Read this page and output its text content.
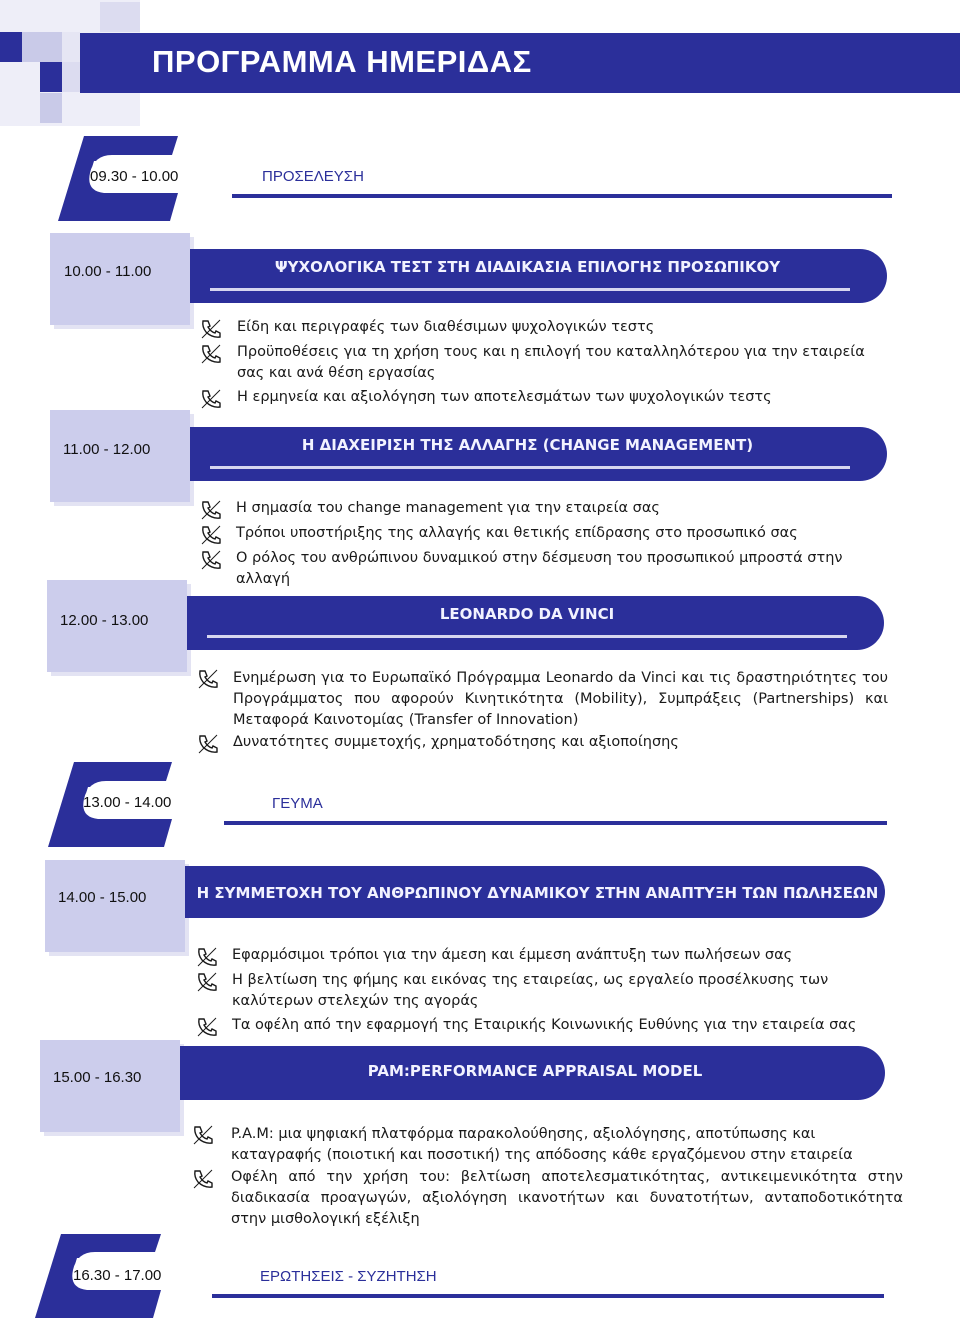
ΠΡΟΓΡΑΜΜΑ ΗΜΕΡΙΔΑΣ
09.30 - 10.00	ΠΡΟΣΕΛΕΥΣΗ
10.00 - 11.00	ΨΥΧΟΛΟΓΙΚΑ ΤΕΣΤ ΣΤΗ ΔΙΑΔΙΚΑΣΙΑ ΕΠΙΛΟΓΗΣ ΠΡΟΣΩΠΙΚΟΥ
Είδη και περιγραφές των διαθέσιμων ψυχολογικών τεστς
Προϋποθέσεις για τη χρήση τους και η επιλογή του καταλληλότερου για την εταιρεία σας και ανά θέση εργασίας
Η ερμηνεία και αξιολόγηση των αποτελεσμάτων των ψυχολογικών τεστς
11.00 - 12.00	Η ΔΙΑΧΕΙΡΙΣΗ ΤΗΣ ΑΛΛΑΓΗΣ (CHANGE MANAGEMENT)
Η σημασία του change management για την εταιρεία σας
Τρόποι υποστήριξης της αλλαγής και θετικής επίδρασης στο προσωπικό σας
Ο ρόλος του ανθρώπινου δυναμικού στην δέσμευση του προσωπικού μπροστά στην αλλαγή
12.00 - 13.00	LEONARDO DA VINCI
Ενημέρωση για το Ευρωπαϊκό Πρόγραμμα Leonardo da Vinci και τις δραστηριότητες του Προγράμματος που αφορούν Κινητικότητα (Mobility), Συμπράξεις (Partnerships) και Μεταφορά Καινοτομίας (Transfer of Innovation)
Δυνατότητες συμμετοχής, χρηματοδότησης και αξιοποίησης
13.00 - 14.00	ΓΕΥΜΑ
14.00 - 15.00	Η ΣΥΜΜΕΤΟΧΗ ΤΟΥ ΑΝΘΡΩΠΙΝΟΥ ΔΥΝΑΜΙΚΟΥ ΣΤΗΝ ΑΝΑΠΤΥΞΗ ΤΩΝ ΠΩΛΗΣΕΩΝ
Εφαρμόσιμοι τρόποι για την άμεση και έμμεση ανάπτυξη των πωλήσεων σας
Η βελτίωση της φήμης και εικόνας της εταιρείας, ως εργαλείο προσέλκυσης των καλύτερων στελεχών της αγοράς
Τα οφέλη από την εφαρμογή της Εταιρικής Κοινωνικής Ευθύνης για την εταιρεία σας
15.00 - 16.30	PAM:PERFORMANCE APPRAISAL MODEL
P.A.M: μια ψηφιακή πλατφόρμα παρακολούθησης, αξιολόγησης, αποτύπωσης και καταγραφής (ποιοτική και ποσοτική) της απόδοσης κάθε εργαζόμενου στην εταιρεία
Οφέλη από την χρήση του: βελτίωση αποτελεσματικότητας, αντικειμενικότητα στην διαδικασία προαγωγών, αξιολόγηση ικανοτήτων και δυνατοτήτων, ανταποδοτικότητα στην μισθολογική εξέλιξη
16.30 - 17.00	ΕΡΩΤΗΣΕΙΣ - ΣΥΖΗΤΗΣΗ
